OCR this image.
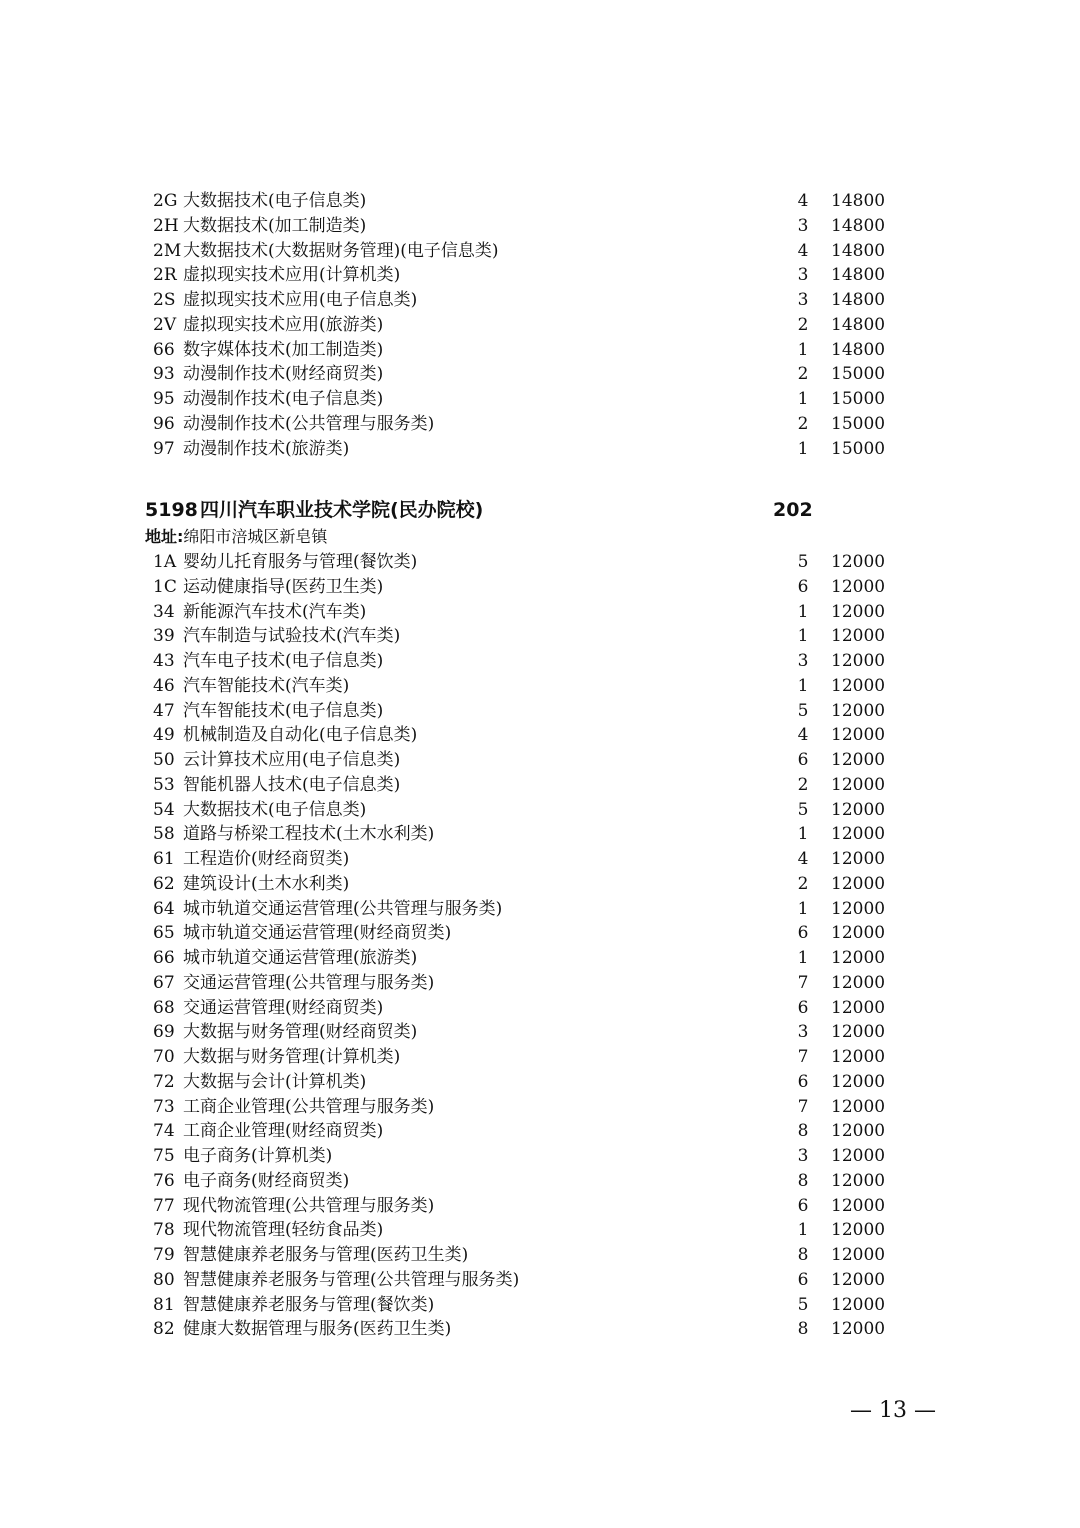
2G 大数据技术(电子信息类)	4 14800
2H 大数据技术(加工制造类)	3 14800
2M 大数据技术(大数据财务管理)(电子信息类)	4 14800
2R 虚拟现实技术应用(计算机类)	3 14800
2S 虚拟现实技术应用(电子信息类)	3 14800
2V 虚拟现实技术应用(旅游类)	2 14800
66 数字媒体技术(加工制造类)	1 14800
93 动漫制作技术(财经商贸类)	2 15000
95 动漫制作技术(电子信息类)	1 15000
96 动漫制作技术(公共管理与服务类)	2 15000
97 动漫制作技术(旅游类)	1 15000
5198 四川汽车职业技术学院(民办院校)	202
地址:绵阳市涪城区新皂镇
1A 婴幼儿托育服务与管理(餐饮类)	5 12000
1C 运动健康指导(医药卫生类)	6 12000
34 新能源汽车技术(汽车类)	1 12000
39 汽车制造与试验技术(汽车类)	1 12000
43 汽车电子技术(电子信息类)	3 12000
46 汽车智能技术(汽车类)	1 12000
47 汽车智能技术(电子信息类)	5 12000
49 机械制造及自动化(电子信息类)	4 12000
50 云计算技术应用(电子信息类)	6 12000
53 智能机器人技术(电子信息类)	2 12000
54 大数据技术(电子信息类)	5 12000
58 道路与桥梁工程技术(土木水利类)	1 12000
61 工程造价(财经商贸类)	4 12000
62 建筑设计(土木水利类)	2 12000
64 城市轨道交通运营管理(公共管理与服务类)	1 12000
65 城市轨道交通运营管理(财经商贸类)	6 12000
66 城市轨道交通运营管理(旅游类)	1 12000
67 交通运营管理(公共管理与服务类)	7 12000
68 交通运营管理(财经商贸类)	6 12000
69 大数据与财务管理(财经商贸类)	3 12000
70 大数据与财务管理(计算机类)	7 12000
72 大数据与会计(计算机类)	6 12000
73 工商企业管理(公共管理与服务类)	7 12000
74 工商企业管理(财经商贸类)	8 12000
75 电子商务(计算机类)	3 12000
76 电子商务(财经商贸类)	8 12000
77 现代物流管理(公共管理与服务类)	6 12000
78 现代物流管理(轻纺食品类)	1 12000
79 智慧健康养老服务与管理(医药卫生类)	8 12000
80 智慧健康养老服务与管理(公共管理与服务类)	6 12000
81 智慧健康养老服务与管理(餐饮类)	5 12000
82 健康大数据管理与服务(医药卫生类)	8 12000
— 13 —
